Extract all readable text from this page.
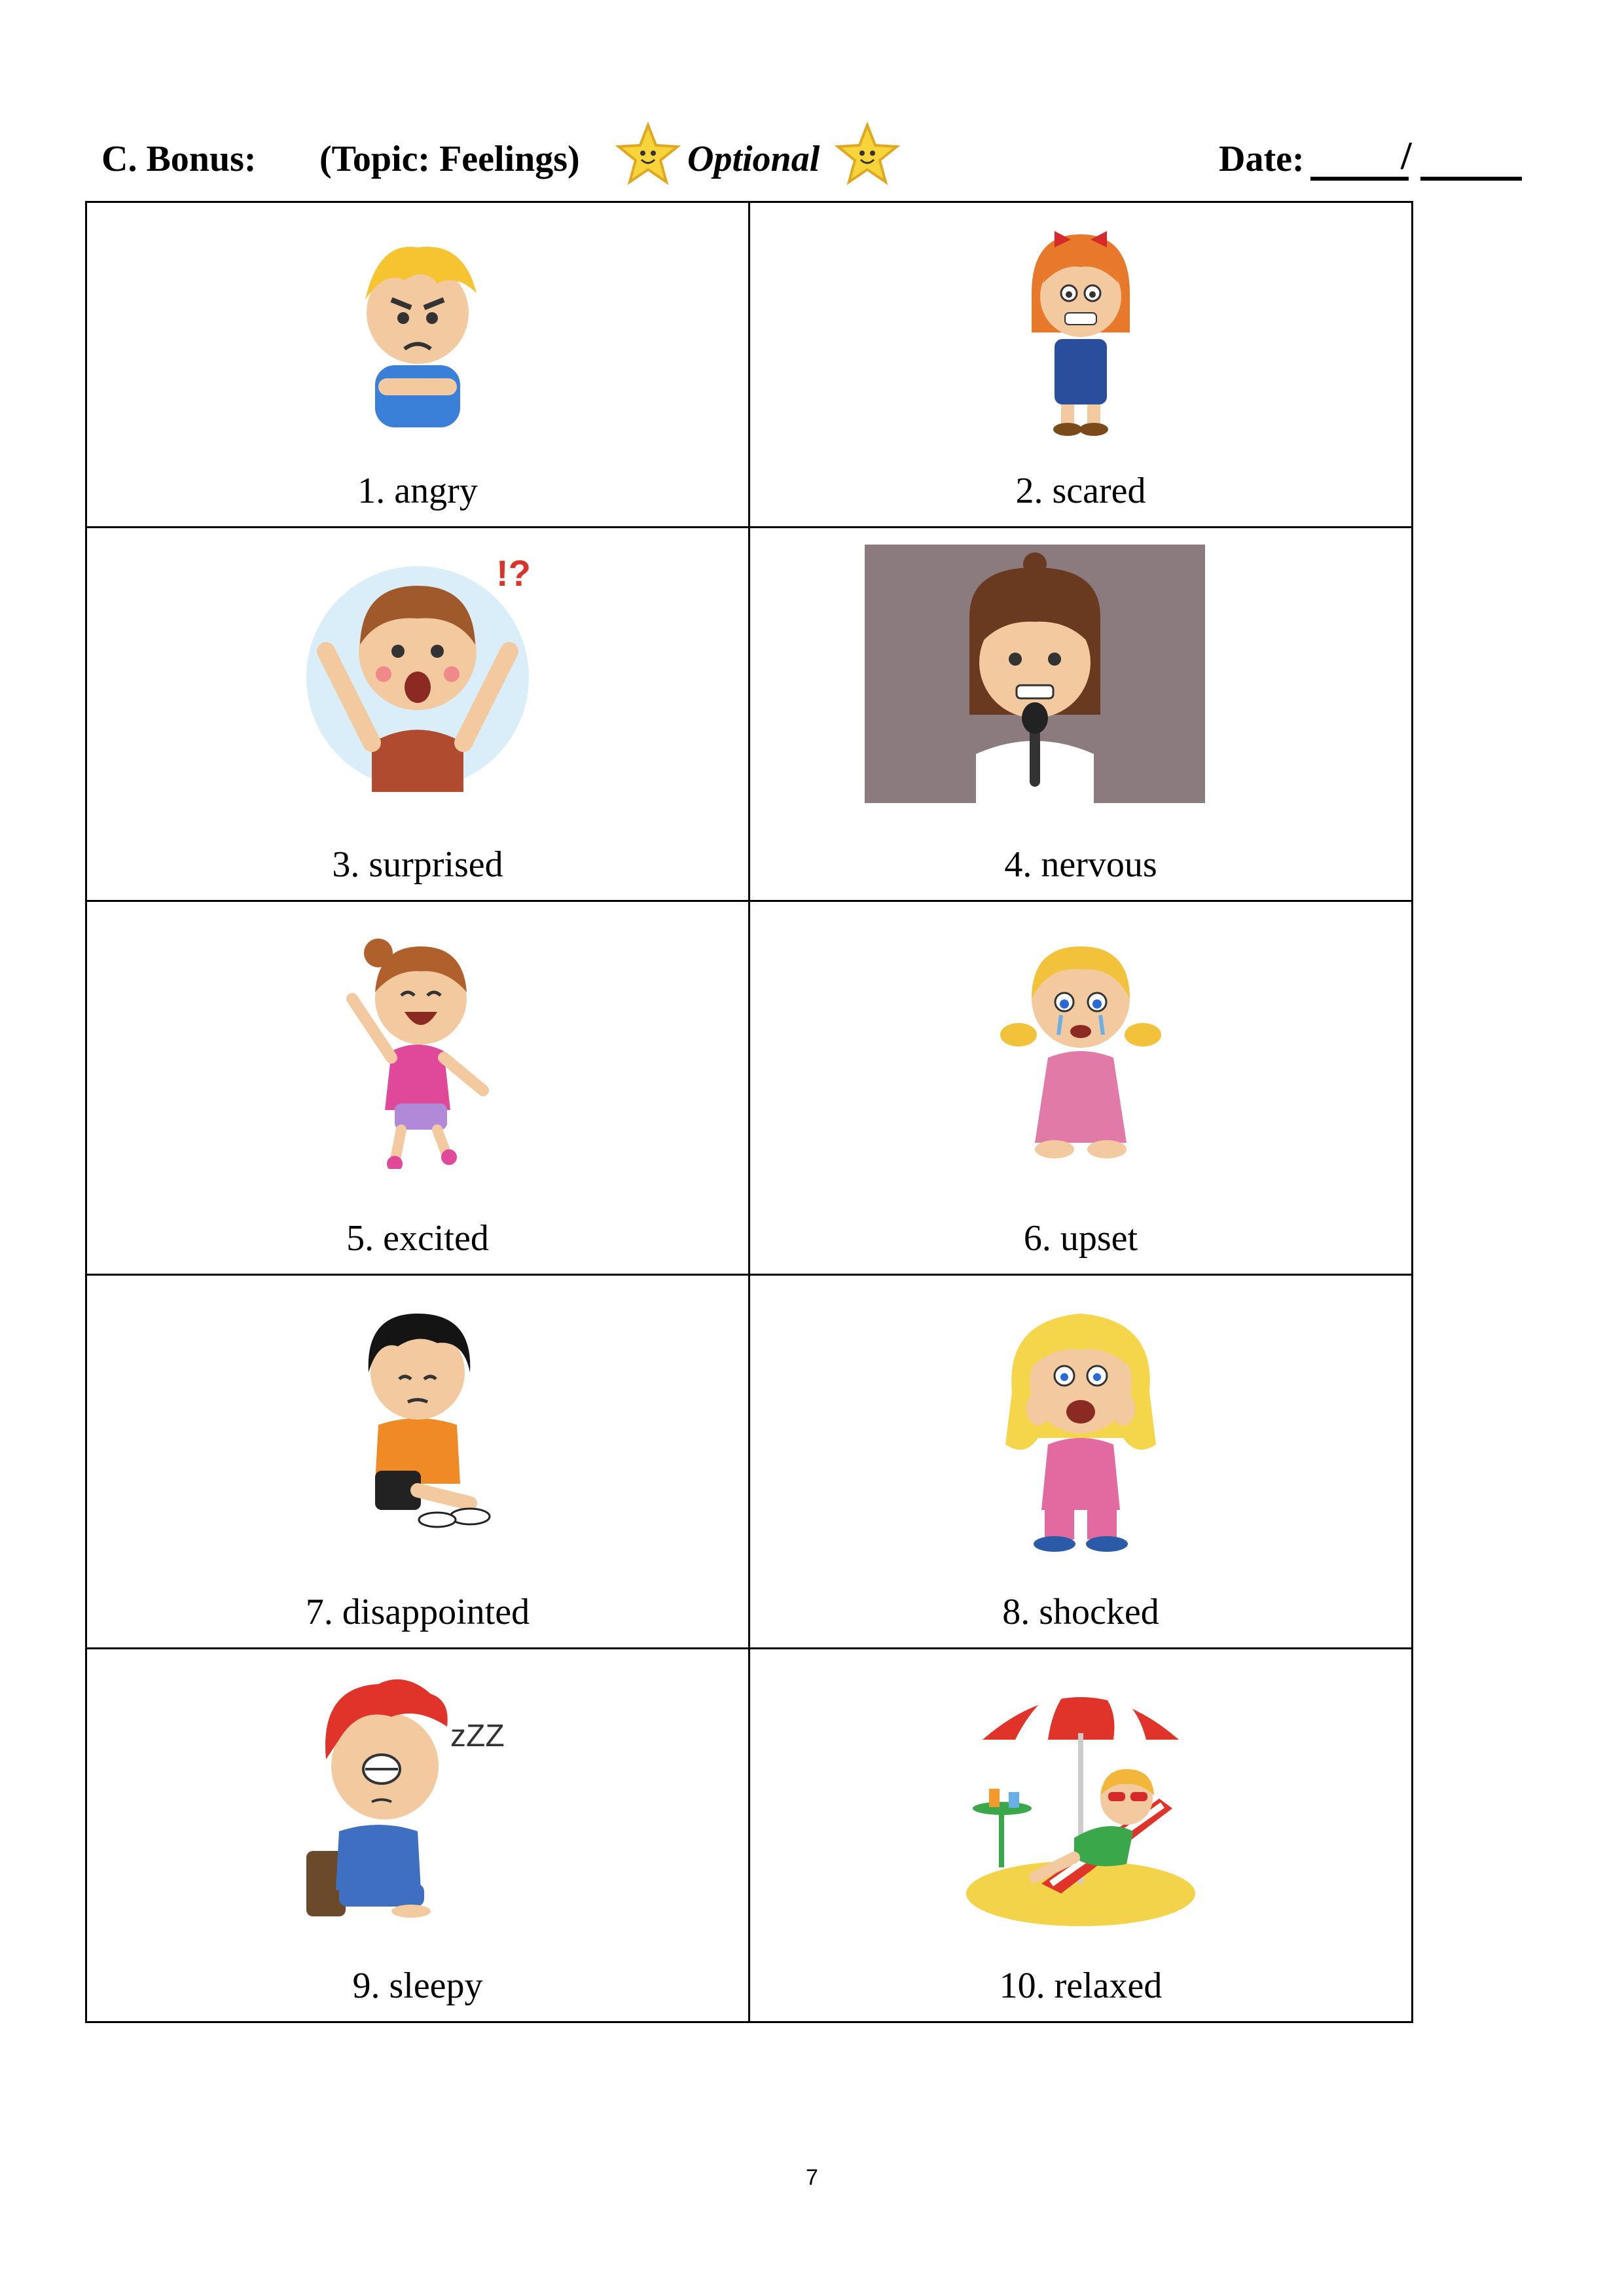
C. Bonus: (Topic: Feelings)	Optional	Date: /
1. angry	2. scared

!?
3. surprised	4. nervous

5. excited	6. upset

7. disappointed	8. shocked

zZZ
9. sleepy	10. relaxed
7
